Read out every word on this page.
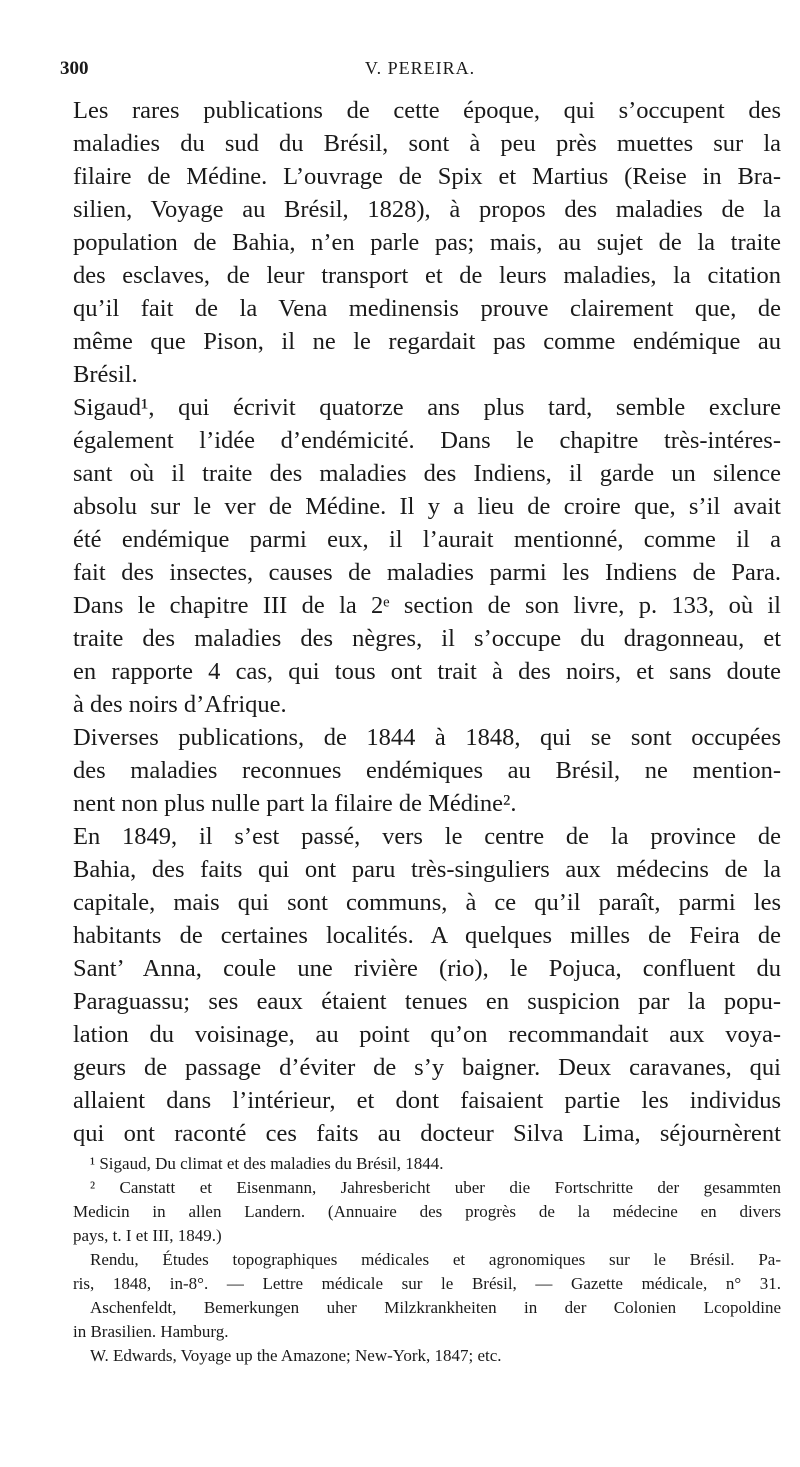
300	V. PEREIRA.
Les rares publications de cette époque, qui s’occupent des
maladies du sud du Brésil, sont à peu près muettes sur la
filaire de Médine. L’ouvrage de Spix et Martius (Reise in Bra-
silien, Voyage au Brésil, 1828), à propos des maladies de la
population de Bahia, n’en parle pas; mais, au sujet de la traite
des esclaves, de leur transport et de leurs maladies, la citation
qu’il fait de la Vena medinensis prouve clairement que, de
même que Pison, il ne le regardait pas comme endémique au
Brésil.
Sigaud¹, qui écrivit quatorze ans plus tard, semble exclure
également l’idée d’endémicité. Dans le chapitre très-intéres-
sant où il traite des maladies des Indiens, il garde un silence
absolu sur le ver de Médine. Il y a lieu de croire que, s’il avait
été endémique parmi eux, il l’aurait mentionné, comme il a
fait des insectes, causes de maladies parmi les Indiens de Para.
Dans le chapitre III de la 2ᵉ section de son livre, p. 133, où il
traite des maladies des nègres, il s’occupe du dragonneau, et
en rapporte 4 cas, qui tous ont trait à des noirs, et sans doute
à des noirs d’Afrique.
Diverses publications, de 1844 à 1848, qui se sont occupées
des maladies reconnues endémiques au Brésil, ne mention-
nent non plus nulle part la filaire de Médine².
En 1849, il s’est passé, vers le centre de la province de
Bahia, des faits qui ont paru très-singuliers aux médecins de la
capitale, mais qui sont communs, à ce qu’il paraît, parmi les
habitants de certaines localités. A quelques milles de Feira de
Sant’ Anna, coule une rivière (rio), le Pojuca, confluent du
Paraguassu; ses eaux étaient tenues en suspicion par la popu-
lation du voisinage, au point qu’on recommandait aux voya-
geurs de passage d’éviter de s’y baigner. Deux caravanes, qui
allaient dans l’intérieur, et dont faisaient partie les individus
qui ont raconté ces faits au docteur Silva Lima, séjournèrent
¹ Sigaud, Du climat et des maladies du Brésil, 1844.
² Canstatt et Eisenmann, Jahresbericht uber die Fortschritte der gesammten
Medicin in allen Landern. (Annuaire des progrès de la médecine en divers
pays, t. I et III, 1849.)
Rendu, Études topographiques médicales et agronomiques sur le Brésil. Pa-
ris, 1848, in-8°. — Lettre médicale sur le Brésil, — Gazette médicale, n° 31.
Aschenfeldt, Bemerkungen uher Milzkrankheiten in der Colonien Lcopoldine
in Brasilien. Hamburg.
W. Edwards, Voyage up the Amazone; New-York, 1847; etc.
